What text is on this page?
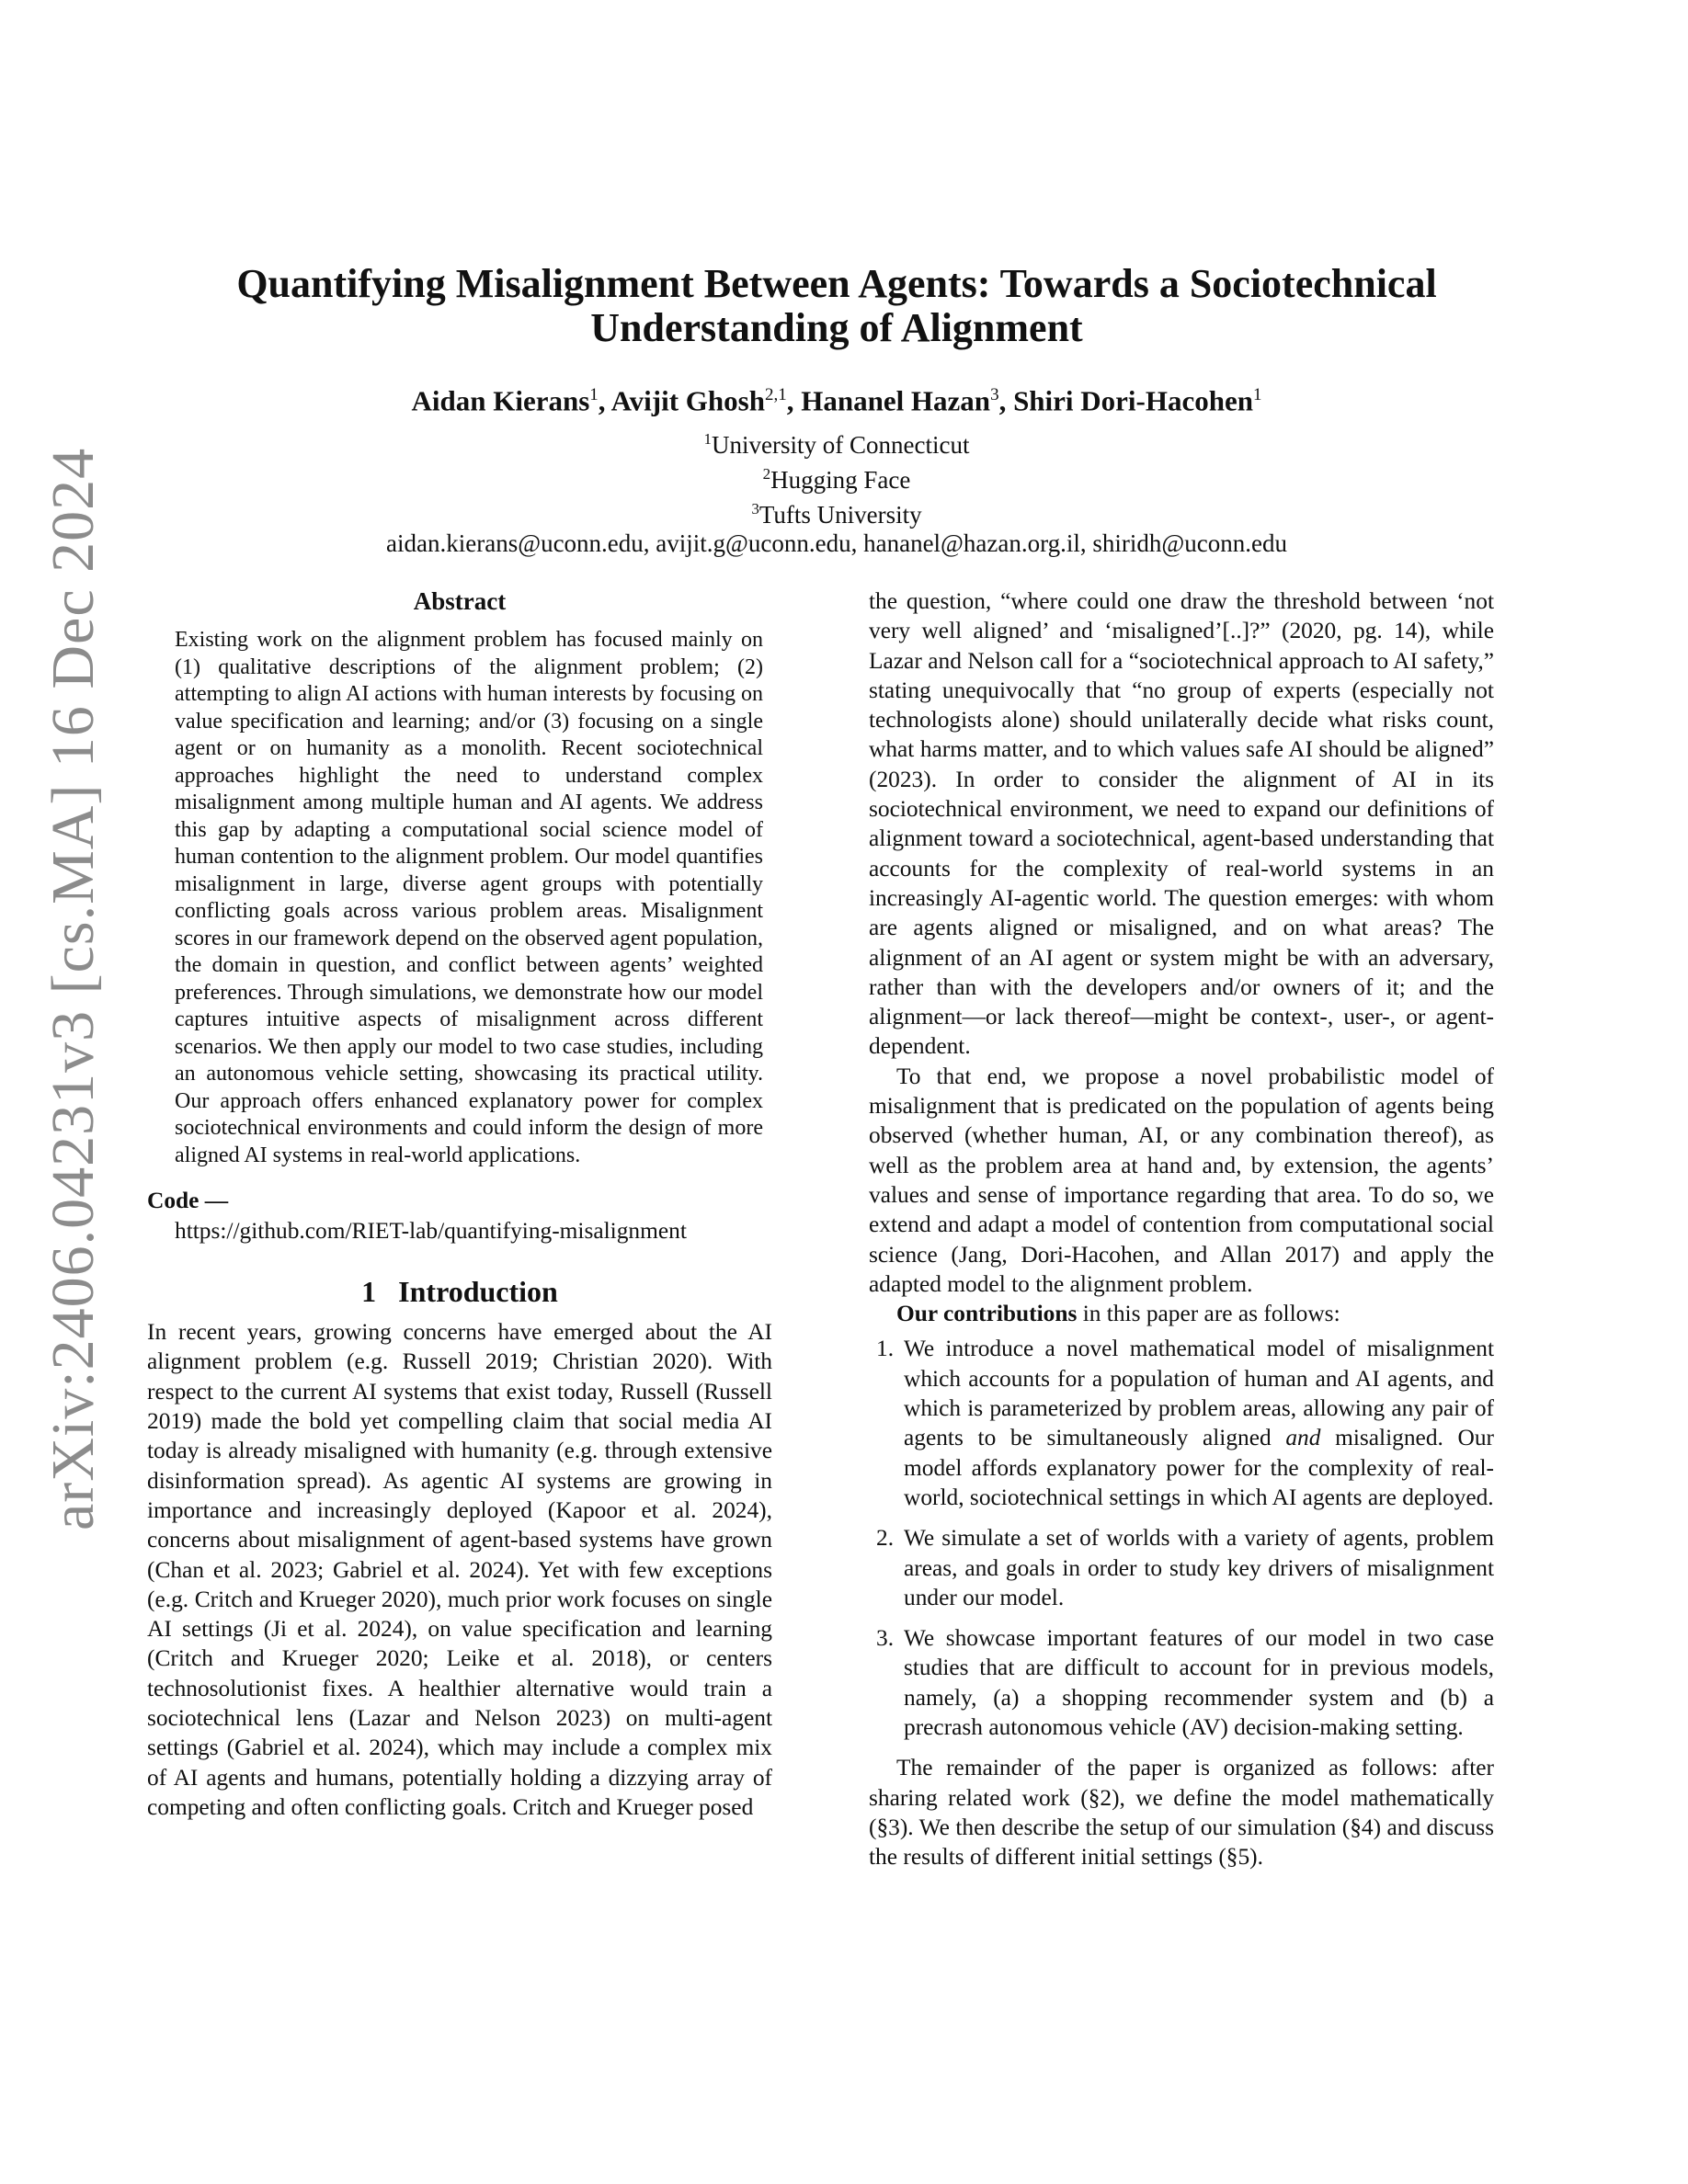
arXiv:2406.04231v3 [cs.MA] 16 Dec 2024
Quantifying Misalignment Between Agents: Towards a Sociotechnical
Understanding of Alignment
Aidan Kierans$^1$, Avijit Ghosh$^{2,1}$, Hananel Hazan$^3$, Shiri Dori-Hacohen$^1$
$^1$University of Connecticut
$^2$Hugging Face
$^3$Tufts University
aidan.kierans@uconn.edu, avijit.g@uconn.edu, hananel@hazan.org.il, shiridh@uconn.edu
Abstract

Existing work on the alignment problem has focused mainly on (1) qualitative descriptions of the alignment problem; (2) attempting to align AI actions with human interests by focusing on value specification and learning; and/or (3) focusing on a single agent or on humanity as a monolith. Recent sociotechnical approaches highlight the need to understand complex misalignment among multiple human and AI agents. We address this gap by adapting a computational social science model of human contention to the alignment problem. Our model quantifies misalignment in large, diverse agent groups with potentially conflicting goals across various problem areas. Misalignment scores in our framework depend on the observed agent population, the domain in question, and conflict between agents’ weighted preferences. Through simulations, we demonstrate how our model captures intuitive aspects of misalignment across different scenarios. We then apply our model to two case studies, including an autonomous vehicle setting, showcasing its practical utility. Our approach offers enhanced explanatory power for complex sociotechnical environments and could inform the design of more aligned AI systems in real-world applications.

Code —
https://github.com/RIET-lab/quantifying-misalignment
1 Introduction

In recent years, growing concerns have emerged about the AI alignment problem (e.g. Russell 2019; Christian 2020). With respect to the current AI systems that exist today, Russell (Russell 2019) made the bold yet compelling claim that social media AI today is already misaligned with humanity (e.g. through extensive disinformation spread). As agentic AI systems are growing in importance and increasingly deployed (Kapoor et al. 2024), concerns about misalignment of agent-based systems have grown (Chan et al. 2023; Gabriel et al. 2024). Yet with few exceptions (e.g. Critch and Krueger 2020), much prior work focuses on single AI settings (Ji et al. 2024), on value specification and learning (Critch and Krueger 2020; Leike et al. 2018), or centers technosolutionist fixes. A healthier alternative would train a sociotechnical lens (Lazar and Nelson 2023) on multi-agent settings (Gabriel et al. 2024), which may include a complex mix of AI agents and humans, potentially holding a dizzying array of competing and often conflicting goals. Critch and Krueger posed

the question, “where could one draw the threshold between ‘not very well aligned’ and ‘misaligned’[..]?” (2020, pg. 14), while Lazar and Nelson call for a “sociotechnical approach to AI safety,” stating unequivocally that “no group of experts (especially not technologists alone) should unilaterally decide what risks count, what harms matter, and to which values safe AI should be aligned” (2023). In order to consider the alignment of AI in its sociotechnical environment, we need to expand our definitions of alignment toward a sociotechnical, agent-based understanding that accounts for the complexity of real-world systems in an increasingly AI-agentic world. The question emerges: with whom are agents aligned or misaligned, and on what areas? The alignment of an AI agent or system might be with an adversary, rather than with the developers and/or owners of it; and the alignment—or lack thereof—might be context-, user-, or agent-dependent.

To that end, we propose a novel probabilistic model of misalignment that is predicated on the population of agents being observed (whether human, AI, or any combination thereof), as well as the problem area at hand and, by extension, the agents’ values and sense of importance regarding that area. To do so, we extend and adapt a model of contention from computational social science (Jang, Dori-Hacohen, and Allan 2017) and apply the adapted model to the alignment problem.

Our contributions in this paper are as follows:

1. We introduce a novel mathematical model of misalignment which accounts for a population of human and AI agents, and which is parameterized by problem areas, allowing any pair of agents to be simultaneously aligned and misaligned. Our model affords explanatory power for the complexity of real-world, sociotechnical settings in which AI agents are deployed.
2. We simulate a set of worlds with a variety of agents, problem areas, and goals in order to study key drivers of misalignment under our model.
3. We showcase important features of our model in two case studies that are difficult to account for in previous models, namely, (a) a shopping recommender system and (b) a precrash autonomous vehicle (AV) decision-making setting.

The remainder of the paper is organized as follows: after sharing related work (§2), we define the model mathematically (§3). We then describe the setup of our simulation (§4) and discuss the results of different initial settings (§5).
